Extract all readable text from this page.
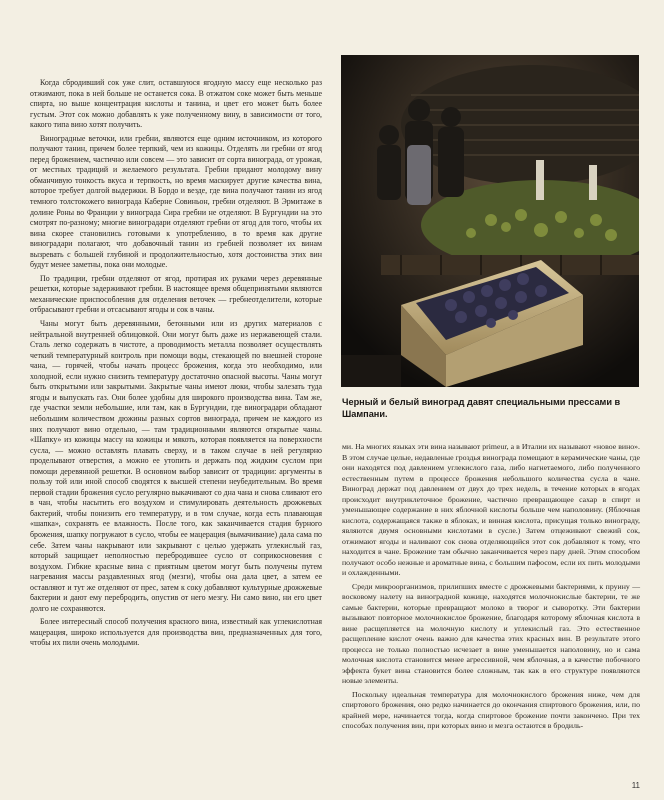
Когда сбродивший сок уже слит, оставшуюся ягодную массу еще несколько раз отжимают, пока в ней больше не останется сока. В отжатом соке может быть меньше спирта, но выше концентрация кислоты и танина, и цвет его может быть более густым. Этот сок можно добавлять к уже полученному вину, в зависимости от того, какого типа вино хотят получить.

Виноградные веточки, или гребни, являются еще одним источником, из которого получают танин, причем более терпкий, чем из кожицы. Отделять ли гребни от ягод перед брожением, частично или совсем — это зависит от сорта винограда, от урожая, от местных традиций и желаемого результата. Гребни придают молодому вину обманчивую тонкость вкуса и терпкость, но время маскирует другие качества вина, которое требует долгой выдержки. В Бордо и везде, где вина получают танин из ягод темного толстокожего винограда Каберне Совиньон, гребни отделяют. В Эрмитаже в долине Роны во Франции у винограда Сира гребни не отделяют. В Бургундии на это смотрят по-разному; многие виноградари отделяют гребни от ягод для того, чтобы их вина скорее становились готовыми к употреблению, в то время как другие виноградари полагают, что добавочный танин из гребней позволяет их винам вызревать с большей глубиной и продолжительностью, хотя достоинства этих вин будут менее заметны, пока они молодые.

По традиции, гребни отделяют от ягод, протирая их руками через деревянные решетки, которые задерживают гребни. В настоящее время общепринятыми являются механические приспособления для отделения веточек — гребнеотделители, которые отбрасывают гребни и отсасывают ягоды и сок в чаны.

Чаны могут быть деревянными, бетонными или из других материалов с нейтральной внутренней облицовкой. Они могут быть даже из нержавеющей стали. Сталь легко содержать в чистоте, а проводимость металла позволяет осуществлять четкий температурный контроль при помощи воды, стекающей по внешней стороне чана, — горячей, чтобы начать процесс брожения, когда это необходимо, или холодной, если нужно снизить температуру достаточно опасной высоты. Чаны могут быть открытыми или закрытыми. Закрытые чаны имеют люки, чтобы залезать туда ягоды и выпускать газ. Они более удобны для широкого производства вина. Там же, где участки земли небольшие, или там, как в Бургундии, где виноградари обладают небольшим количеством дюжины разных сортов винограда, причем не каждого из них получают вино отдельно, — там традиционными являются открытые чаны. «Шапку» из кожицы массу на кожицы и мякоть, которая появляется на поверхности сусла, — можно оставлять плавать сверху, и в таком случае в ней регулярно проделывают отверстия, а можно ее утопить и держать под жидким суслом при помощи деревянной решетки. В основном выбор зависит от традиции: аргументы в пользу той или иной способ сводятся к высшей степени неубедительным. Во время первой стадии брожения сусло регулярно выкачивают со дна чана и снова сливают его в чан, чтобы насытить его воздухом и стимулировать деятельность дрожжевых бактерий, чтобы понизить его температуру, и в том случае, когда есть плавающая «шапка», сохранять ее влажность. После того, как заканчивается стадия бурного брожения, шапку погружают в сусло, чтобы ее мацерация (вымачивание) дала сама по себе. Затем чаны накрывают или закрывают с целью удержать углекислый газ, который защищает неполностью перебродившее сусло от соприкосновения с воздухом. Гибкие красные вина с приятным цветом могут быть получены путем нагревания массы раздавленных ягод (мезги), чтобы она дала цвет, а затем ее оставляют и тут же отделяют от прес, затем к соку добавляют культурные дрожжевые бактерии и дают ему перебродить, опустив от него мезгу. Ни само вино, ни его цвет долго не сохраняются.

Более интересный способ получения красного вина, известный как углекислотная мацерация, широко используется для производства вин, предназначенных для того, чтобы их пили очень молодыми.

Черный и белый виноград давят специальными прессами в Шампани.

ми. На многих языках эти вина называют primeur, а в Италии их называют «новое вино». В этом случае целые, недавленые гроздья винограда помещают в керамические чаны, где они находятся под давлением углекислого газа, либо нагнетаемого, либо полученного естественным путем в процессе брожения небольшого количества сусла в чане. Виноград держат под давлением от двух до трех недель, в течение которых в ягодах происходит внутриклеточное брожение, частично превращающее сахар в спирт и уменьшающее содержание в них яблочной кислоты больше чем наполовину. (Яблочная кислота, содержащаяся также в яблоках, и винная кислота, присущая только винограду, являются двумя основными кислотами в сусле.) Затем отцеживают свежий сок, отжимают ягоды и наливают сок снова отделяющийся этот сок добавляют к тому, что находится в чане. Брожение там обычно заканчивается через пару дней. Этим способом получают особо нежные и ароматные вина, с большим пафосом, если их пить молодыми и охлажденными.

Среди микроорганизмов, прилипших вместе с дрожжевыми бактериями, к пруину — восковому налету на виноградной кожице, находятся молочнокислые бактерии, те же самые бактерии, которые превращают молоко в творог и сыворотку. Эти бактерии вызывают повторное молочнокислое брожение, благодаря которому яблочная кислота в вине расщепляется на молочную кислоту и углекислый газ. Это естественное расщепление кислот очень важно для качества этих красных вин. В результате этого процесса не только полностью исчезает в вине уменьшается наполовину, но и сама молочная кислота становится менее агрессивной, чем яблочная, а в качестве побочного эффекта букет вина становится более сложным, так как в его структуре появляются новые элементы.

Поскольку идеальная температура для молочнокислого брожения ниже, чем для спиртового брожения, оно редко начинается до окончания спиртового брожения, или, по крайней мере, начинается тогда, когда спиртовое брожение почти закончено. При тех способах получения вин, при которых вино и мезга остаются в бродиль-

11
